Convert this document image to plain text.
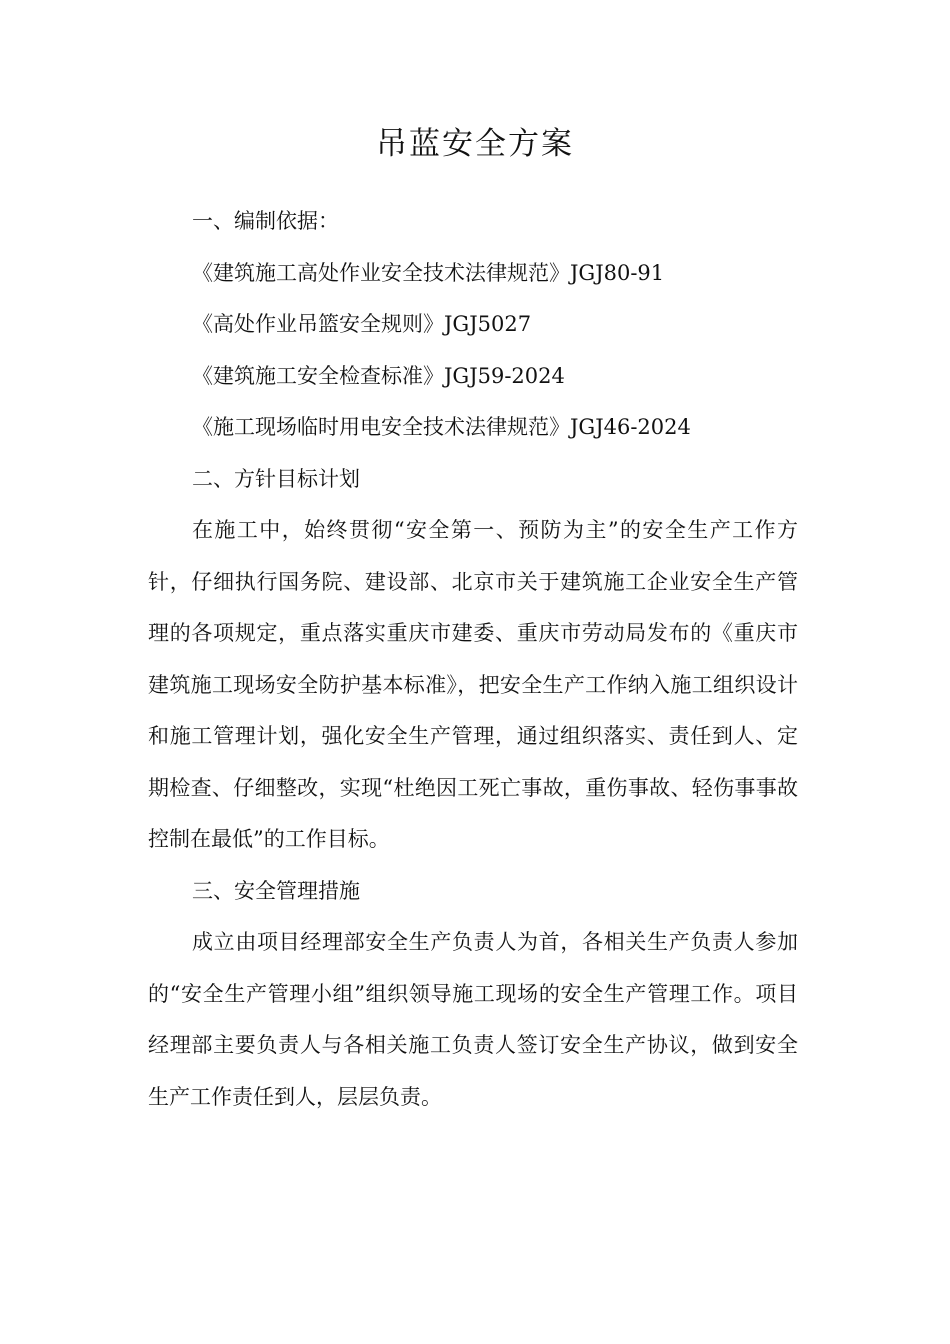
吊蓝安全方案
一、编制依据：
《建筑施工高处作业安全技术法律规范》JGJ80-91
《高处作业吊篮安全规则》JGJ5027
《建筑施工安全检查标准》JGJ59-2024
《施工现场临时用电安全技术法律规范》JGJ46-2024
二、方针目标计划

在施工中，始终贯彻“安全第一、预防为主”的安全生产工作方针，仔细执行国务院、建设部、北京市关于建筑施工企业安全生产管理的各项规定，重点落实重庆市建委、重庆市劳动局发布的《重庆市建筑施工现场安全防护基本标准》，把安全生产工作纳入施工组织设计和施工管理计划，强化安全生产管理，通过组织落实、责任到人、定期检查、仔细整改，实现“杜绝因工死亡事故，重伤事故、轻伤事事故控制在最低”的工作目标。

三、安全管理措施

成立由项目经理部安全生产负责人为首，各相关生产负责人参加的“安全生产管理小组”组织领导施工现场的安全生产管理工作。项目经理部主要负责人与各相关施工负责人签订安全生产协议，做到安全生产工作责任到人，层层负责。
